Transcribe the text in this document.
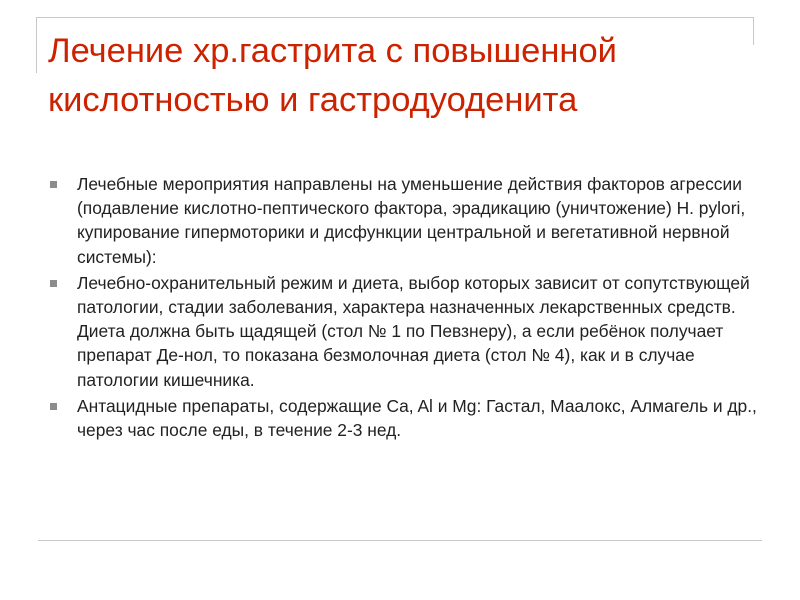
Лечение хр.гастрита с повышенной кислотностью и гастродуоденита
Лечебные мероприятия направлены на уменьшение действия факторов агрессии (подавление кислотно-пептического фактора, эрадикацию (уничтожение) H. pylori, купирование гипермоторики и дисфункции центральной и вегетативной нервной системы):
Лечебно-охранительный режим и диета, выбор которых зависит от сопутствующей патологии, стадии заболевания, характера назначенных лекарственных средств. Диета должна быть щадящей (стол № 1 по Певзнеру), а если ребёнок получает препарат Де-нол, то показана безмолочная диета (стол № 4), как и в случае патологии кишечника.
Антацидные препараты, содержащие Ca, Al и Mg: Гастал, Маалокс, Алмагель и др., через час после еды, в течение 2-3 нед.
